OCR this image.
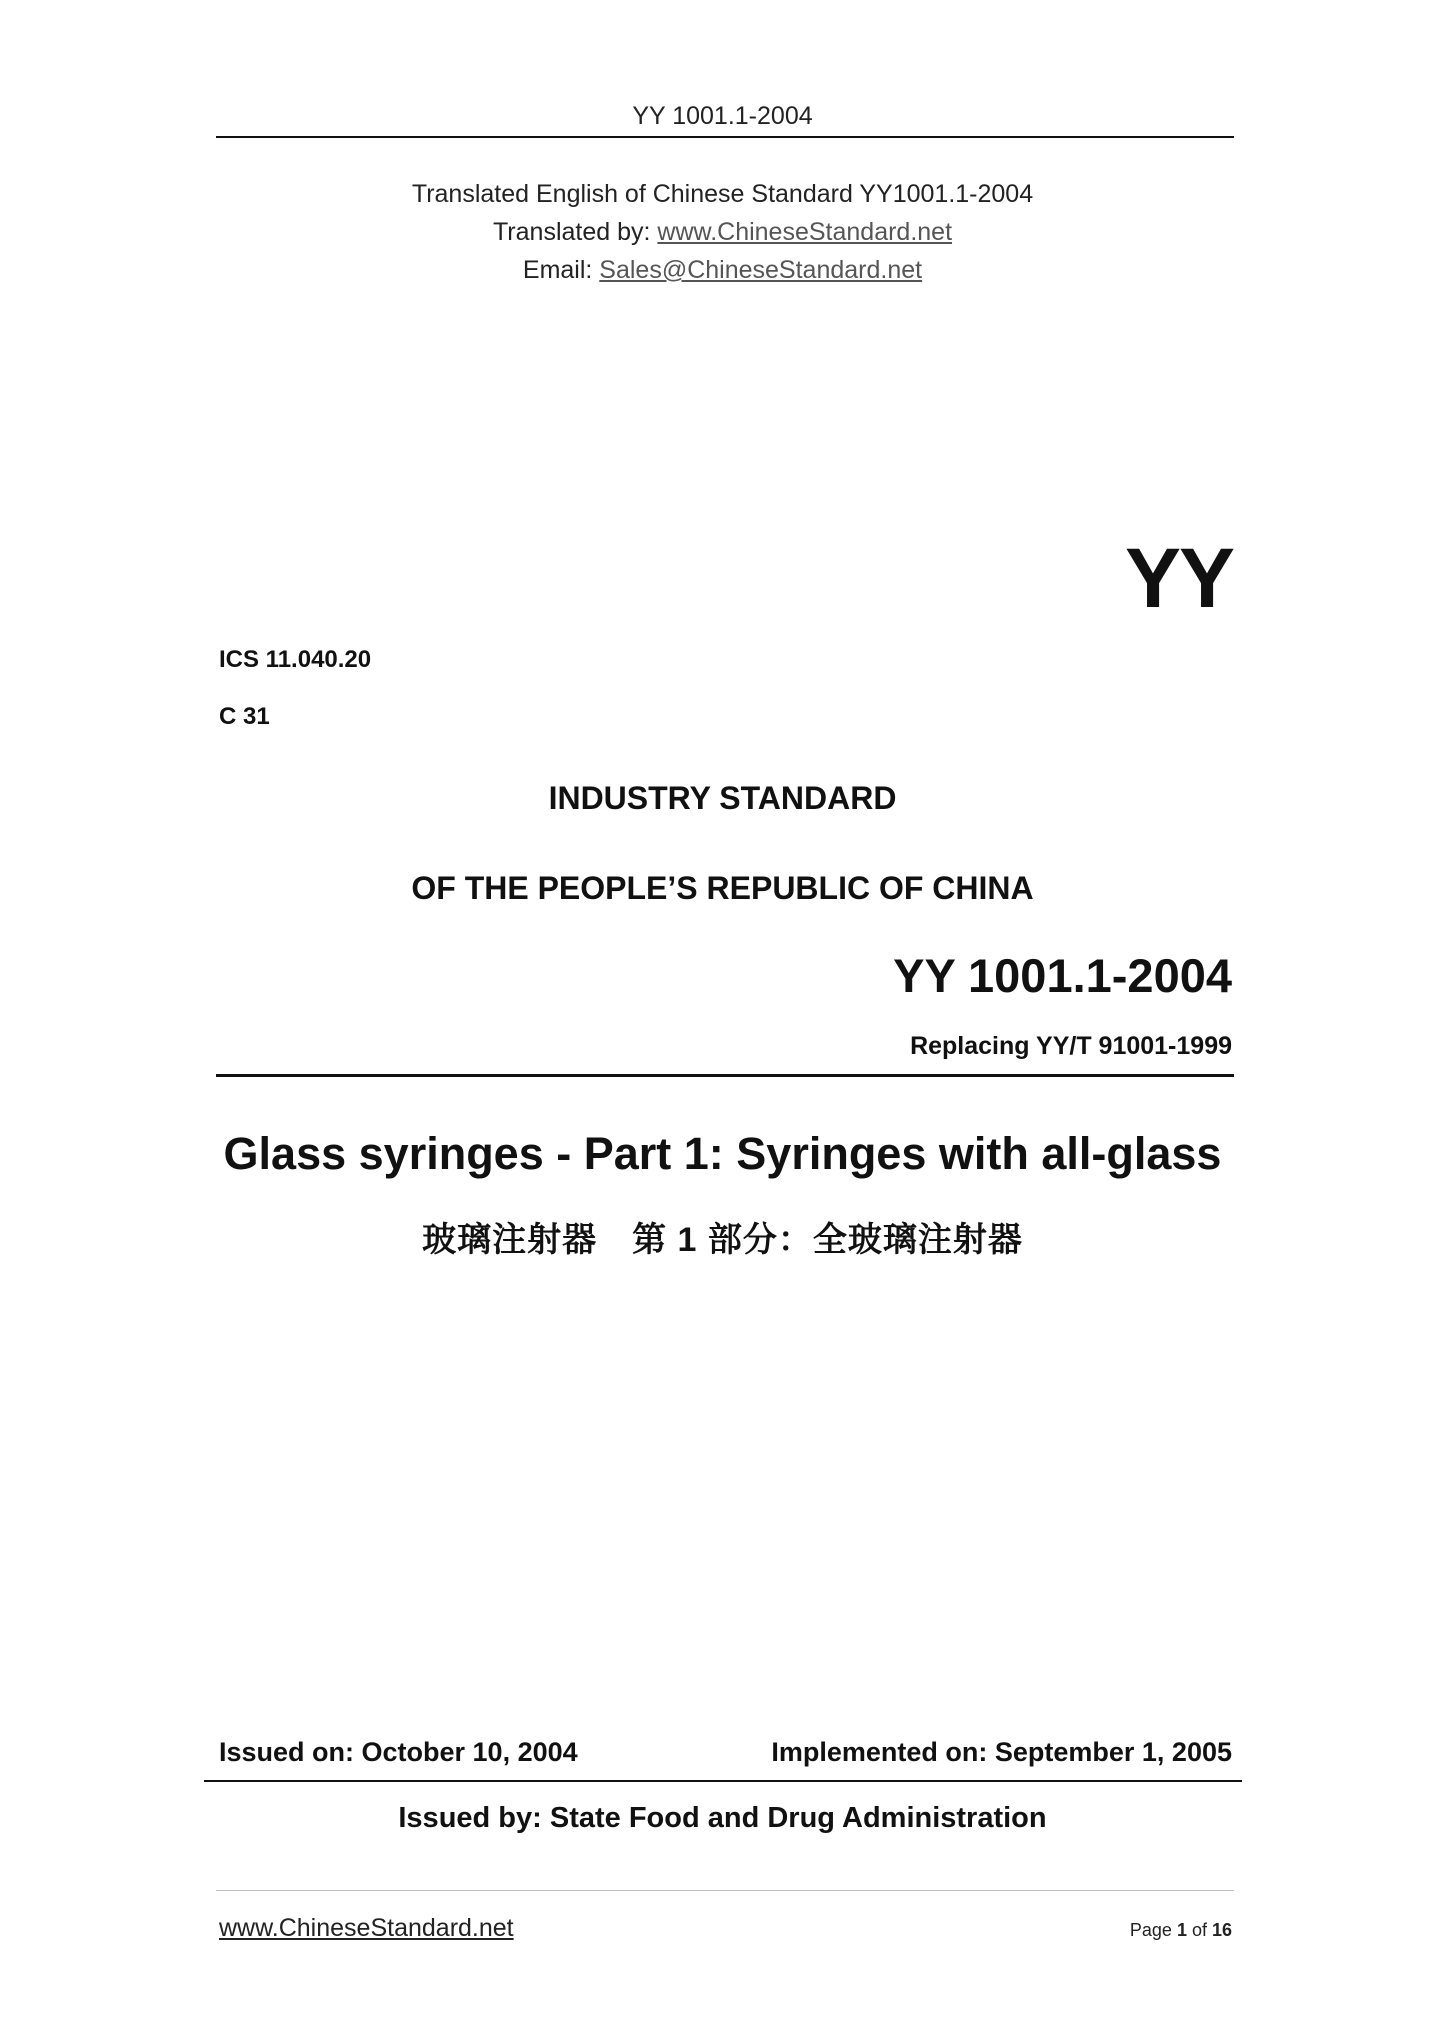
YY 1001.1-2004
Translated English of Chinese Standard YY1001.1-2004
Translated by: www.ChineseStandard.net
Email: Sales@ChineseStandard.net
YY
ICS 11.040.20
C 31
INDUSTRY STANDARD
OF THE PEOPLE’S REPUBLIC OF CHINA
YY 1001.1-2004
Replacing YY/T 91001-1999
Glass syringes - Part 1: Syringes with all-glass
玻璃注射器　第 1 部分：全玻璃注射器
Issued on: October 10, 2004	Implemented on: September 1, 2005
Issued by: State Food and Drug Administration
www.ChineseStandard.net	Page 1 of 16
